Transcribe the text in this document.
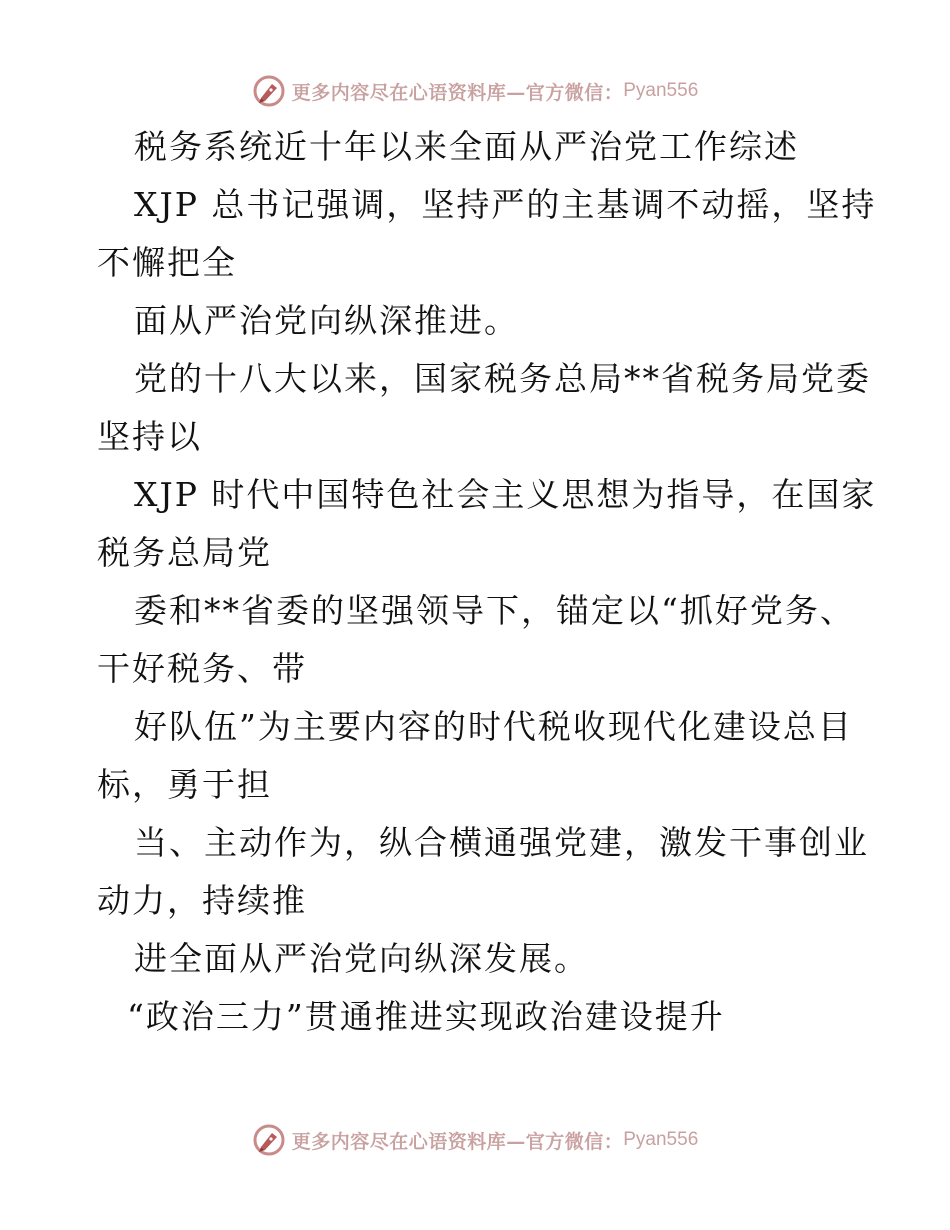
更多内容尽在心语资料库—官方微信： Pyan556
税务系统近十年以来全面从严治党工作综述
XJP 总书记强调，坚持严的主基调不动摇，坚持
不懈把全
面从严治党向纵深推进。
党的十八大以来，国家税务总局**省税务局党委
坚持以
XJP 时代中国特色社会主义思想为指导，在国家
税务总局党
委和**省委的坚强领导下，锚定以“抓好党务、
干好税务、带
好队伍”为主要内容的时代税收现代化建设总目
标，勇于担
当、主动作为，纵合横通强党建，激发干事创业
动力，持续推
进全面从严治党向纵深发展。
“政治三力”贯通推进实现政治建设提升
更多内容尽在心语资料库—官方微信： Pyan556
